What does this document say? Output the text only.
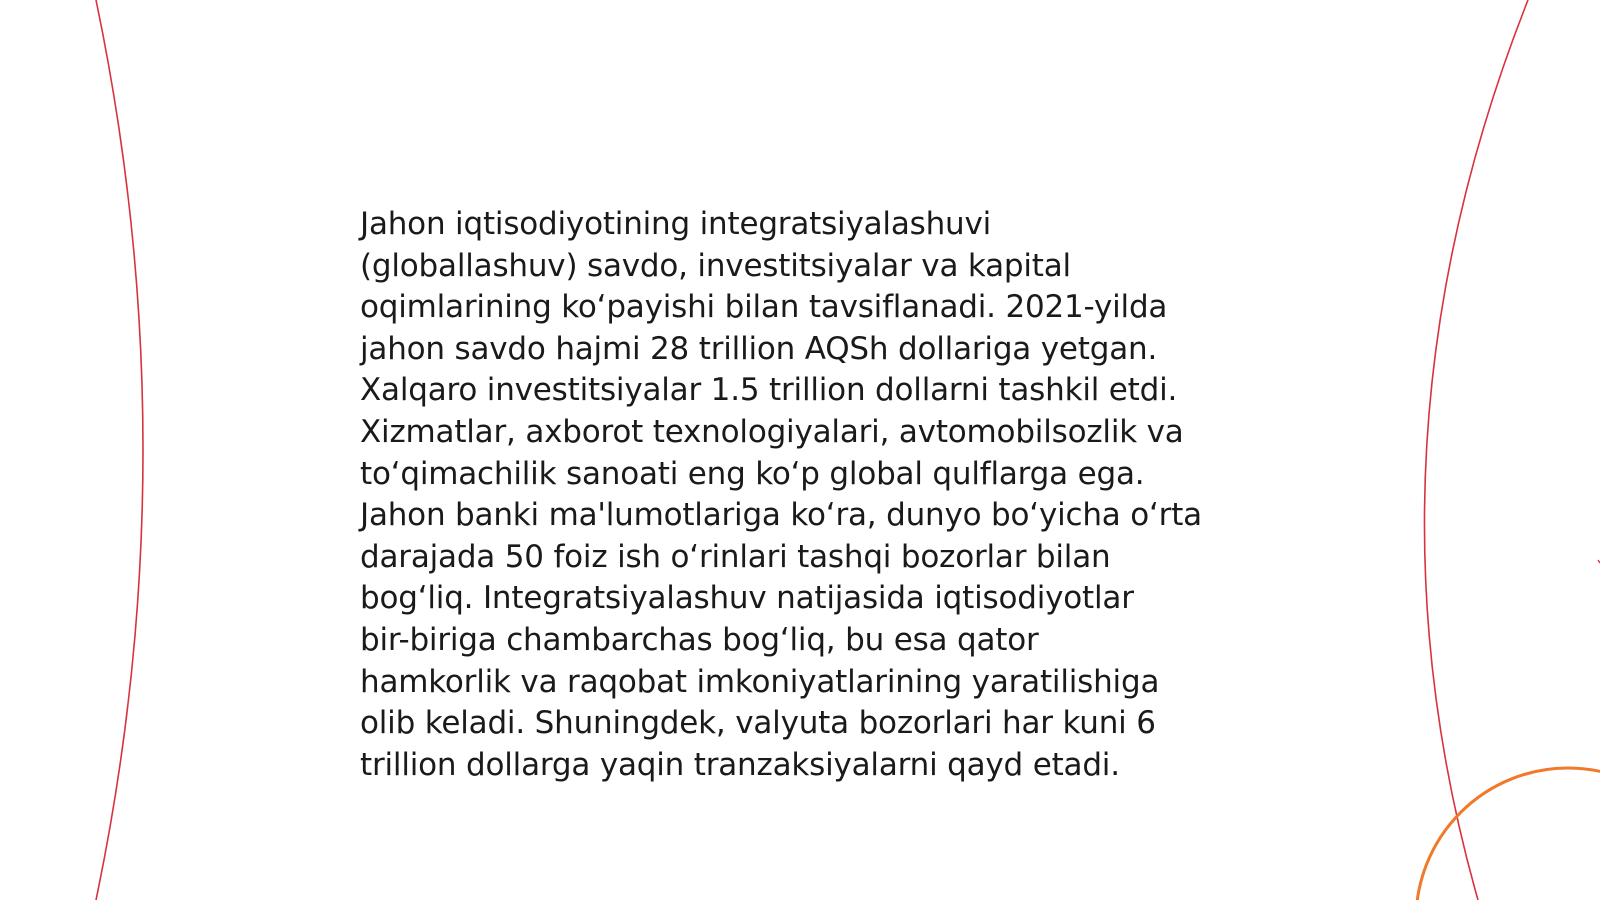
Jahon iqtisodiyotining integratsiyalashuvi
(globallashuv) savdo, investitsiyalar va kapital
oqimlarining koʻpayishi bilan tavsiflanadi. 2021-yilda
jahon savdo hajmi 28 trillion AQSh dollariga yetgan.
Xalqaro investitsiyalar 1.5 trillion dollarni tashkil etdi.
Xizmatlar, axborot texnologiyalari, avtomobilsozlik va
toʻqimachilik sanoati eng koʻp global qulflarga ega.
Jahon banki ma'lumotlariga koʻra, dunyo boʻyicha oʻrta
darajada 50 foiz ish oʻrinlari tashqi bozorlar bilan
bogʻliq. Integratsiyalashuv natijasida iqtisodiyotlar
bir-biriga chambarchas bogʻliq, bu esa qator
hamkorlik va raqobat imkoniyatlarining yaratilishiga
olib keladi. Shuningdek, valyuta bozorlari har kuni 6
trillion dollarga yaqin tranzaksiyalarni qayd etadi.
